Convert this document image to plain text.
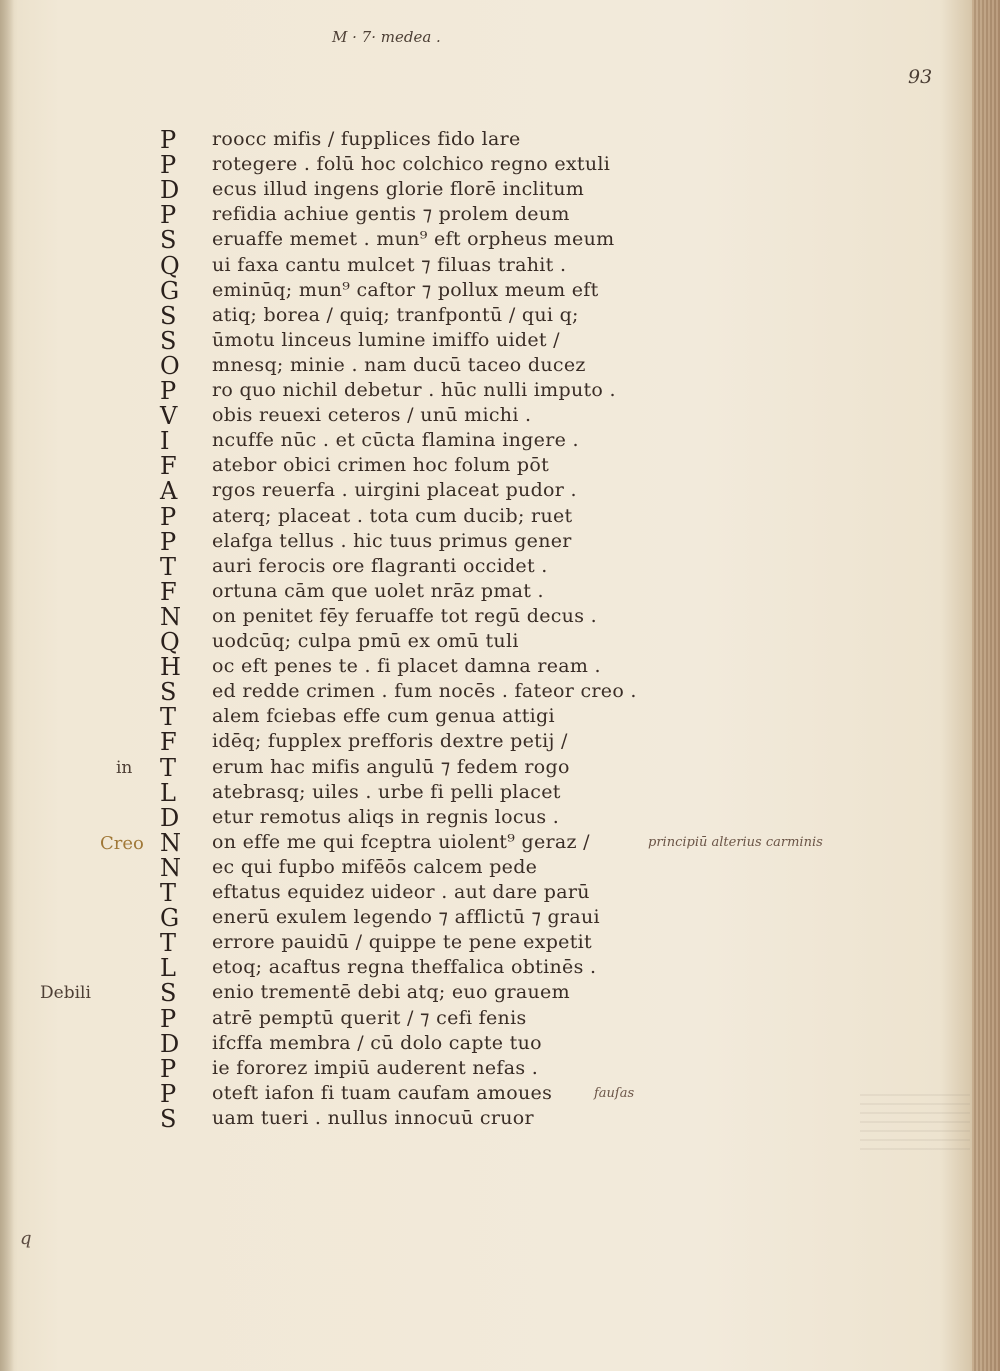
M · 7· medea .
93
P	roocc mifis / fupplices fido lare
P	rotegere . folū hoc colchico regno extuli
D	ecus illud ingens glorie florē inclitum
P	refidia achiue gentis ⁊ prolem deum
S	eruaffe memet . mun⁹ eft orpheus meum
Q	ui faxa cantu mulcet ⁊ filuas trahit .
G	eminūq; mun⁹ caftor ⁊ pollux meum eft
S	atiq; borea / quiq; tranfpontū / qui q;
S	ūmotu linceus lumine imiffo uidet /
O	mnesq; minie . nam ducū taceo ducez
P	ro quo nichil debetur . hūc nulli imputo .
V	obis reuexi ceteros / unū michi .
I	ncuffe nūc . et cūcta flamina ingere .
F	atebor obici crimen hoc folum pōt
A	rgos reuerfa . uirgini placeat pudor .
P	aterq; placeat . tota cum ducib; ruet
P	elafga tellus . hic tuus primus gener
T	auri ferocis ore flagranti occidet .
F	ortuna cām que uolet nrāz pmat .
N	on penitet fēy feruaffe tot regū decus .
Q	uodcūq; culpa pmū ex omū tuli
H	oc eft penes te . fi placet damna ream .
S	ed redde crimen . fum nocēs . fateor creo .
T	alem fciebas effe cum genua attigi
F	idēq; fupplex prefforis dextre petij /
T	erum hac mifis angulū ⁊ fedem rogo
L	atebrasq; uiles . urbe fi pelli placet
D	etur remotus aliqs in regnis locus .
N	on effe me qui fceptra uiolent⁹ geraz /
N	ec qui fupbo mifēōs calcem pede
T	eftatus equidez uideor . aut dare parū
G	enerū exulem legendo ⁊ afflictū ⁊ graui
T	errore pauidū / quippe te pene expetit
L	etoq; acaftus regna theffalica obtinēs .
S	enio trementē debi atq; euo grauem
P	atrē pemptū querit / ⁊ cefi fenis
D	ifcffa membra / cū dolo capte tuo
P	ie fororez impiū auderent nefas .
P	oteft iafon fi tuam caufam amoues
S	uam tueri . nullus innocuū cruor
in
Creo
Debili
principiū alterius carminis
fauſas
q
